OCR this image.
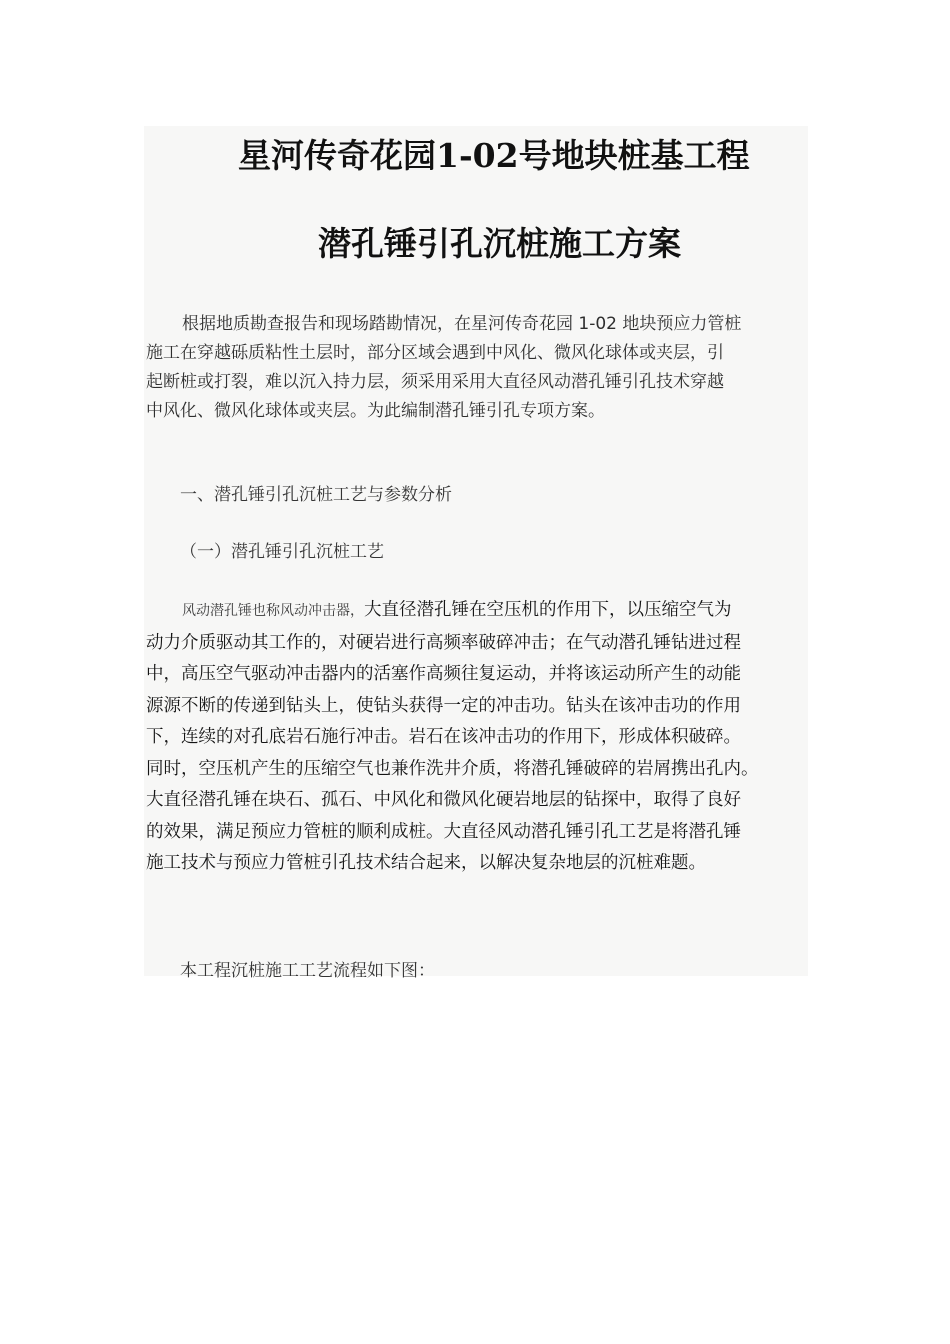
星河传奇花园1-02号地块桩基工程
潜孔锤引孔沉桩施工方案

根据地质勘查报告和现场踏勘情况，在星河传奇花园 1-02 地块预应力管桩
施工在穿越砾质粘性土层时，部分区域会遇到中风化、微风化球体或夹层，引
起断桩或打裂，难以沉入持力层，须采用采用大直径风动潜孔锤引孔技术穿越
中风化、微风化球体或夹层。为此编制潜孔锤引孔专项方案。

一、潜孔锤引孔沉桩工艺与参数分析

（一）潜孔锤引孔沉桩工艺

风动潜孔锤也称风动冲击器，大直径潜孔锤在空压机的作用下，以压缩空气为
动力介质驱动其工作的，对硬岩进行高频率破碎冲击；在气动潜孔锤钻进过程
中，高压空气驱动冲击器内的活塞作高频往复运动，并将该运动所产生的动能
源源不断的传递到钻头上，使钻头获得一定的冲击功。钻头在该冲击功的作用
下，连续的对孔底岩石施行冲击。岩石在该冲击功的作用下，形成体积破碎。
同时，空压机产生的压缩空气也兼作洗井介质，将潜孔锤破碎的岩屑携出孔内。
大直径潜孔锤在块石、孤石、中风化和微风化硬岩地层的钻探中，取得了良好
的效果，满足预应力管桩的顺利成桩。大直径风动潜孔锤引孔工艺是将潜孔锤
施工技术与预应力管桩引孔技术结合起来，以解决复杂地层的沉桩难题。

本工程沉桩施工工艺流程如下图：
